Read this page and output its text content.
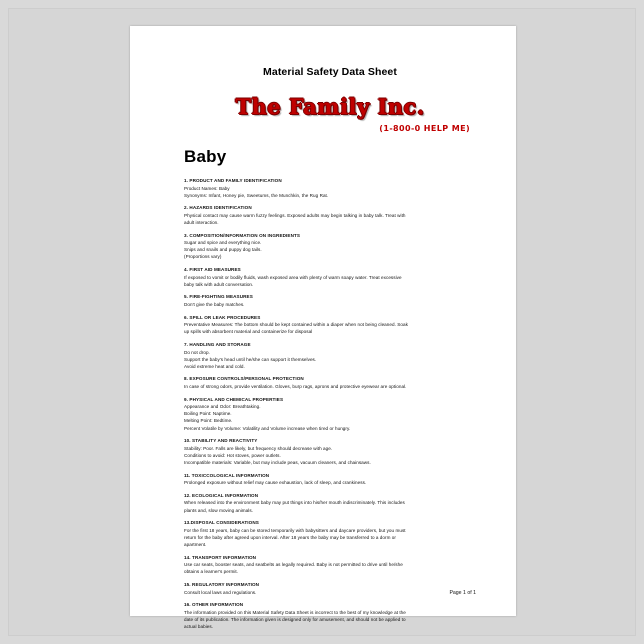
Material Safety Data Sheet
The Family Inc.
(1-800-0 HELP ME)
Baby
1. PRODUCT AND FAMILY IDENTIFICATION
Product Names: Baby
Synonyms: Infant, Honey pie, Sweetums, the Munchkin, the Rug Rat.
2. HAZARDS IDENTIFICATION
Physical contact may cause warm fuzzy feelings. Exposed adults may begin talking in baby talk. Treat with
adult interaction.
3. COMPOSITION/INFORMATION ON INGREDIENTS
Sugar and spice and everything nice.
Snips and snails and puppy dog tails.
(Proportions vary)
4. FIRST AID MEASURES
If exposed to vomit or bodily fluids, wash exposed area with plenty of warm soapy water. Treat excessive
baby talk with adult conversation.
5. FIRE-FIGHTING MEASURES
Don't give the baby matches.
6. SPILL OR LEAK PROCEDURES
Preventative Measures: The bottom should be kept contained within a diaper when not being cleaned. Soak
up spills with absorbent material and containerize for disposal
7. HANDLING AND STORAGE
Do not drop.
Support the baby's head until he/she can support it themselves.
Avoid extreme heat and cold.
8. EXPOSURE CONTROLS/PERSONAL PROTECTION
In case of strong odors, provide ventilation. Gloves, burp rags, aprons and protective eyewear are optional.
9. PHYSICAL AND CHEMICAL PROPERTIES
Appearance and Odor: Breathtaking.
Boiling Point: Naptime.
Melting Point: Bedtime.
Percent Volatile by Volume: Volatility and Volume increase when tired or hungry.
10. STABILITY AND REACTIVITY
Stability: Poor. Falls are likely, but frequency should decrease with age.
Conditions to avoid: Hot stoves, power outlets.
Incompatible materials: Variable, but may include peas, vacuum cleaners, and chainsaws.
11. TOXICCOLOGICAL INFORMATION
Prolonged exposure without relief may cause exhaustion, lack of sleep, and crankiness.
12. ECOLOGICAL INFORMATION
When released into the environment baby may put things into his/her mouth indiscriminately. This includes
plants and, slow moving animals.
13.DISPOSAL CONSIDERATIONS
For the first 18 years, baby can be stored temporarily with babysitters and daycare providers, but you must
return for the baby after agreed upon interval. After 18 years the baby may be transferred to a dorm or
apartment.
14. TRANSPORT INFORMATION
Use car seats, booster seats, and seatbelts as legally required. Baby is not permitted to drive until he/she
obtains a learner's permit.
15. REGULATORY INFORMATION
Consult local laws and regulations.
16. OTHER INFORMATION
The information provided on this Material Safety Data Sheet is incorrect to the best of my knowledge at the
date of its publication. The information given is designed only for amusement, and should not be applied to
actual babies.
Page 1 of 1
